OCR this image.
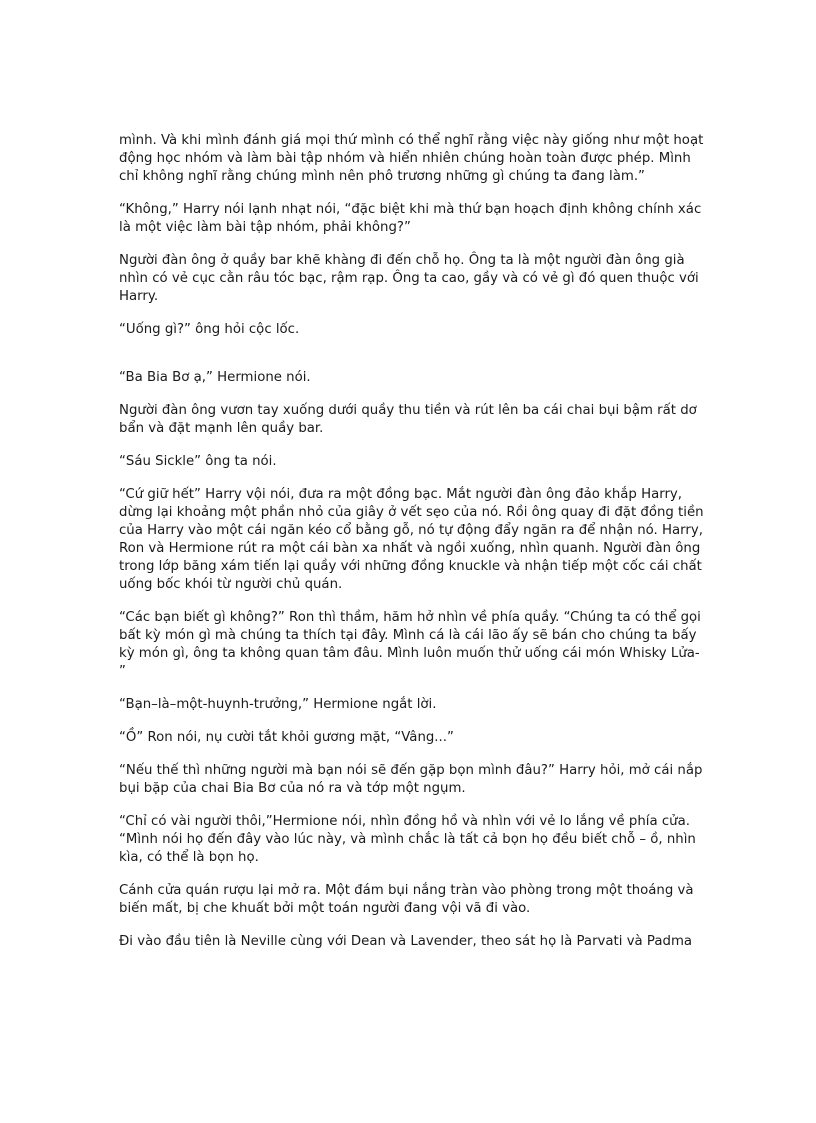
mình. Và khi mình đánh giá mọi thứ mình có thể nghĩ rằng việc này giống như một hoạt động học nhóm và làm bài tập nhóm và hiển nhiên chúng hoàn toàn được phép. Mình chỉ không nghĩ rằng chúng mình nên phô trương những gì chúng ta đang làm.”

“Không,” Harry nói lạnh nhạt nói, “đặc biệt khi mà thứ bạn hoạch định không chính xác là một việc làm bài tập nhóm, phải không?”

Người đàn ông ở quầy bar khẽ khàng đi đến chỗ họ. Ông ta là một người đàn ông già nhìn có vẻ cục cằn râu tóc bạc, rậm rạp. Ông ta cao, gầy và có vẻ gì đó quen thuộc với Harry.

“Uống gì?” ông hỏi cộc lốc.

“Ba Bia Bơ ạ,” Hermione nói.

Người đàn ông vươn tay xuống dưới quầy thu tiền và rút lên ba cái chai bụi bậm rất dơ bẩn và đặt mạnh lên quầy bar.

“Sáu Sickle” ông ta nói.

“Cứ giữ hết” Harry vội nói, đưa ra một đồng bạc. Mắt người đàn ông đảo khắp Harry, dừng lại khoảng một phần nhỏ của giây ở vết sẹo của nó. Rồi ông quay đi đặt đồng tiền của Harry vào một cái ngăn kéo cổ bằng gỗ, nó tự động đẩy ngăn ra để nhận nó. Harry, Ron và Hermione rút ra một cái bàn xa nhất và ngồi xuống, nhìn quanh. Người đàn ông trong lớp băng xám tiến lại quầy với những đồng knuckle và nhận tiếp một cốc cái chất uống bốc khói từ người chủ quán.

“Các bạn biết gì không?” Ron thì thầm, hăm hở nhìn về phía quầy. “Chúng ta có thể gọi bất kỳ món gì mà chúng ta thích tại đây. Mình cá là cái lão ấy sẽ bán cho chúng ta bấy kỳ món gì, ông ta không quan tâm đâu. Mình luôn muốn thử uống cái món Whisky Lửa- ”

“Bạn–là–một-huynh-trưởng,” Hermione ngắt lời.

“Ồ” Ron nói, nụ cười tắt khỏi gương mặt, “Vâng...”

“Nếu thế thì những người mà bạn nói sẽ đến gặp bọn mình đâu?” Harry hỏi, mở cái nắp bụi bặp của chai Bia Bơ của nó ra và tớp một ngụm.

“Chỉ có vài người thôi,”Hermione nói, nhìn đồng hồ và nhìn với vẻ lo lắng về phía cửa. “Mình nói họ đến đây vào lúc này, và mình chắc là tất cả bọn họ đều biết chỗ – ồ, nhìn kìa, có thể là bọn họ.

Cánh cửa quán rượu lại mở ra. Một đám bụi nắng tràn vào phòng trong một thoáng và biến mất, bị che khuất bởi một toán người đang vội vã đi vào.

Đi vào đầu tiên là Neville cùng với Dean và Lavender, theo sát họ là Parvati và Padma
